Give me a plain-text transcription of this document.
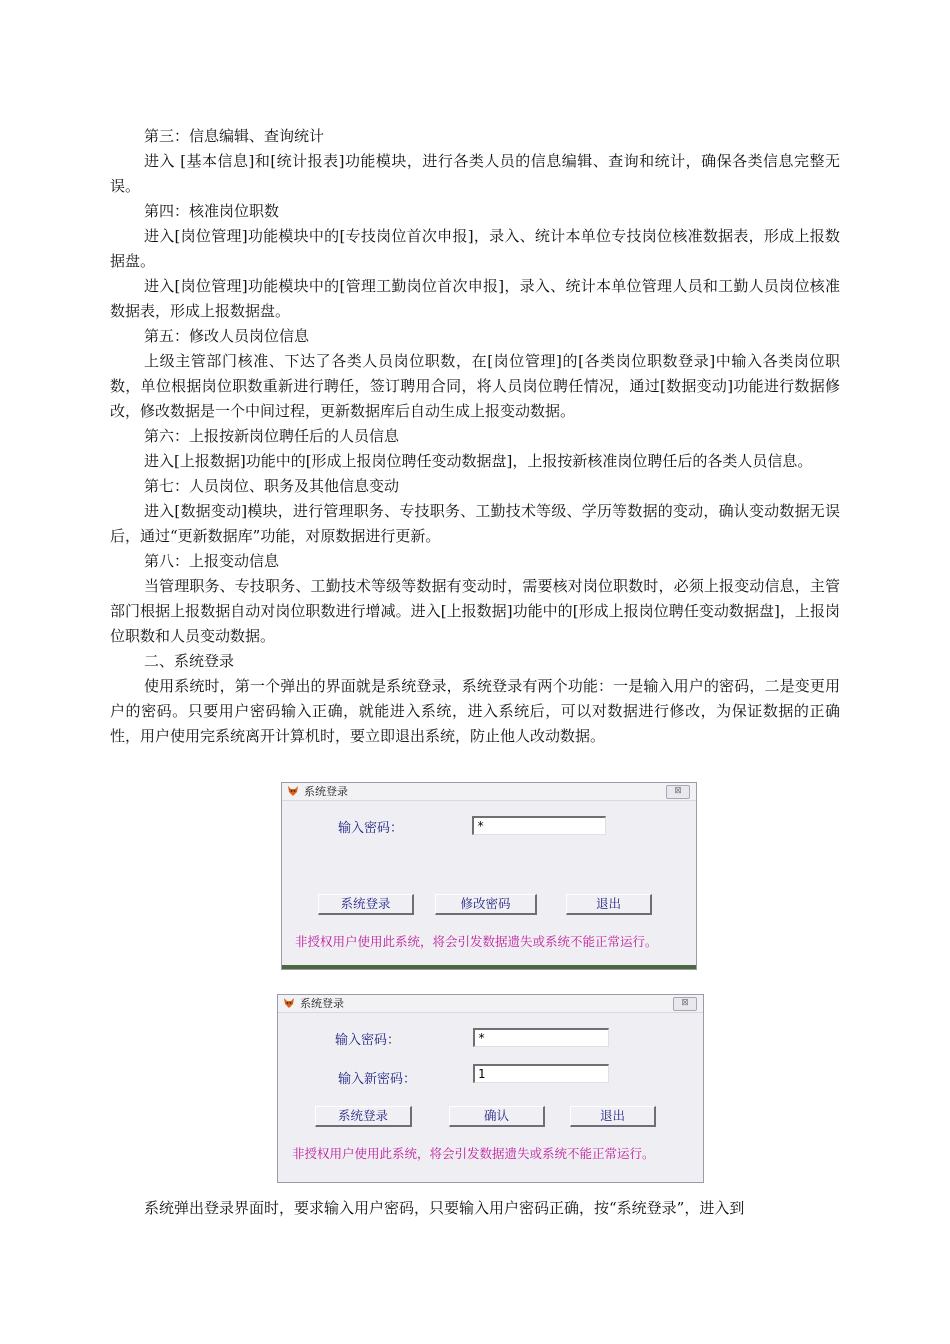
第三：信息编辑、查询统计

进入 [基本信息]和[统计报表]功能模块，进行各类人员的信息编辑、查询和统计，确保各类信息完整无误。

第四：核准岗位职数

进入[岗位管理]功能模块中的[专技岗位首次申报]，录入、统计本单位专技岗位核准数据表，形成上报数据盘。

进入[岗位管理]功能模块中的[管理工勤岗位首次申报]，录入、统计本单位管理人员和工勤人员岗位核准数据表，形成上报数据盘。

第五：修改人员岗位信息

上级主管部门核准、下达了各类人员岗位职数，在[岗位管理]的[各类岗位职数登录]中输入各类岗位职数，单位根据岗位职数重新进行聘任，签订聘用合同，将人员岗位聘任情况，通过[数据变动]功能进行数据修改，修改数据是一个中间过程，更新数据库后自动生成上报变动数据。

第六：上报按新岗位聘任后的人员信息

进入[上报数据]功能中的[形成上报岗位聘任变动数据盘]，上报按新核准岗位聘任后的各类人员信息。

第七：人员岗位、职务及其他信息变动

进入[数据变动]模块，进行管理职务、专技职务、工勤技术等级、学历等数据的变动，确认变动数据无误后，通过“更新数据库”功能，对原数据进行更新。

第八：上报变动信息

当管理职务、专技职务、工勤技术等级等数据有变动时，需要核对岗位职数时，必须上报变动信息，主管部门根据上报数据自动对岗位职数进行增减。进入[上报数据]功能中的[形成上报岗位聘任变动数据盘]，上报岗位职数和人员变动数据。

二、系统登录

使用系统时，第一个弹出的界面就是系统登录，系统登录有两个功能：一是输入用户的密码，二是变更用户的密码。只要用户密码输入正确，就能进入系统，进入系统后，可以对数据进行修改，为保证数据的正确性，用户使用完系统离开计算机时，要立即退出系统，防止他人改动数据。

系统登录	⊠
输入密码：	*
系统登录	修改密码	退出
非授权用户使用此系统，将会引发数据遗失或系统不能正常运行。
系统登录	⊠
输入密码：	*
输入新密码：	1
系统登录	确认	退出
非授权用户使用此系统，将会引发数据遗失或系统不能正常运行。

系统弹出登录界面时，要求输入用户密码，只要输入用户密码正确，按“系统登录”，进入到
